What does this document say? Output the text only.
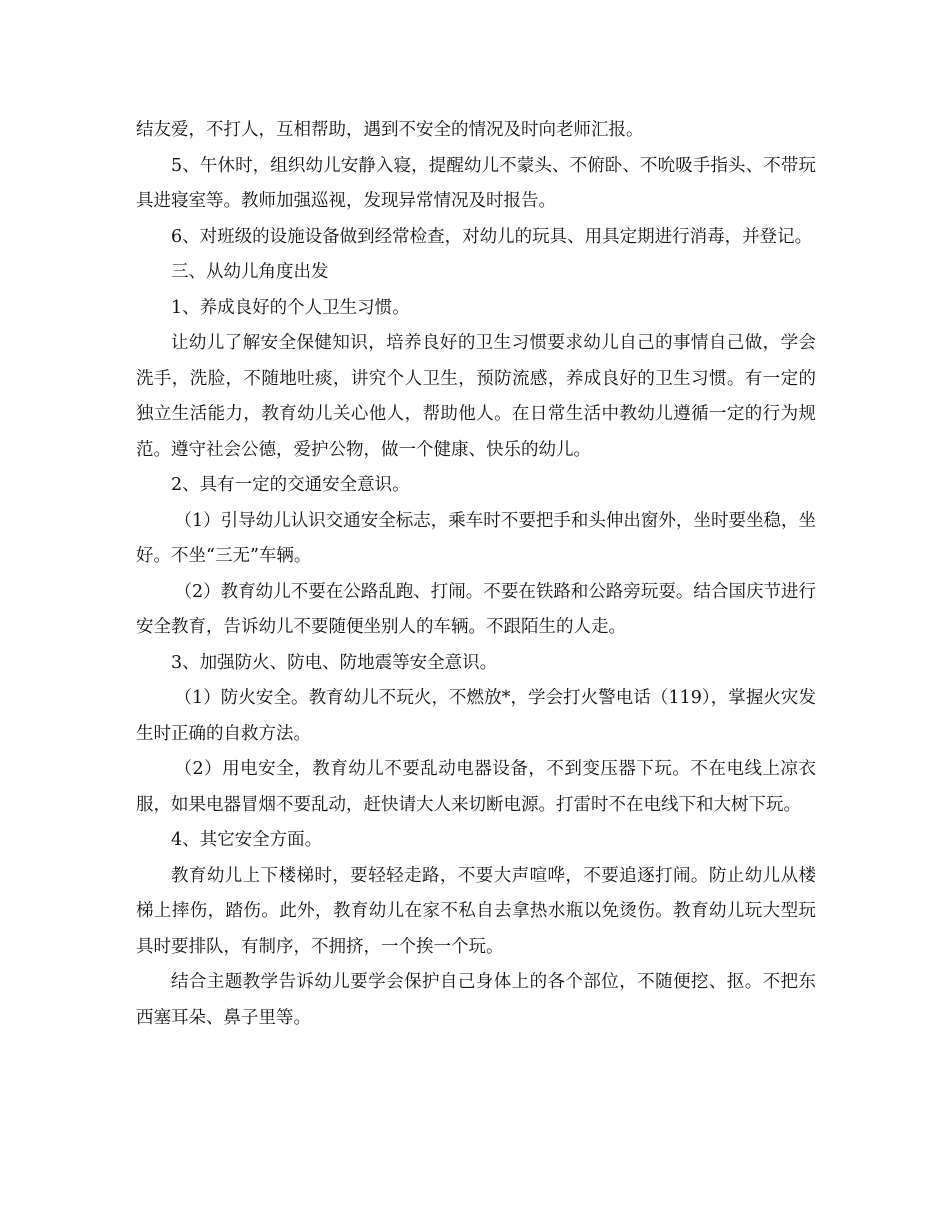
结友爱，不打人，互相帮助，遇到不安全的情况及时向老师汇报。

5、午休时，组织幼儿安静入寝，提醒幼儿不蒙头、不俯卧、不吮吸手指头、不带玩具进寝室等。教师加强巡视，发现异常情况及时报告。

6、对班级的设施设备做到经常检查，对幼儿的玩具、用具定期进行消毒，并登记。

三、从幼儿角度出发

1、养成良好的个人卫生习惯。

让幼儿了解安全保健知识，培养良好的卫生习惯要求幼儿自己的事情自己做，学会洗手，洗脸，不随地吐痰，讲究个人卫生，预防流感，养成良好的卫生习惯。有一定的独立生活能力，教育幼儿关心他人，帮助他人。在日常生活中教幼儿遵循一定的行为规范。遵守社会公德，爱护公物，做一个健康、快乐的幼儿。

2、具有一定的交通安全意识。

（1）引导幼儿认识交通安全标志，乘车时不要把手和头伸出窗外，坐时要坐稳，坐好。不坐“三无”车辆。

（2）教育幼儿不要在公路乱跑、打闹。不要在铁路和公路旁玩耍。结合国庆节进行安全教育，告诉幼儿不要随便坐别人的车辆。不跟陌生的人走。

3、加强防火、防电、防地震等安全意识。

（1）防火安全。教育幼儿不玩火，不燃放*，学会打火警电话（119），掌握火灾发生时正确的自救方法。

（2）用电安全，教育幼儿不要乱动电器设备，不到变压器下玩。不在电线上凉衣服，如果电器冒烟不要乱动，赶快请大人来切断电源。打雷时不在电线下和大树下玩。

4、其它安全方面。

教育幼儿上下楼梯时，要轻轻走路，不要大声喧哗，不要追逐打闹。防止幼儿从楼梯上摔伤，踏伤。此外，教育幼儿在家不私自去拿热水瓶以免烫伤。教育幼儿玩大型玩具时要排队，有制序，不拥挤，一个挨一个玩。

结合主题教学告诉幼儿要学会保护自己身体上的各个部位，不随便挖、抠。不把东西塞耳朵、鼻子里等。
